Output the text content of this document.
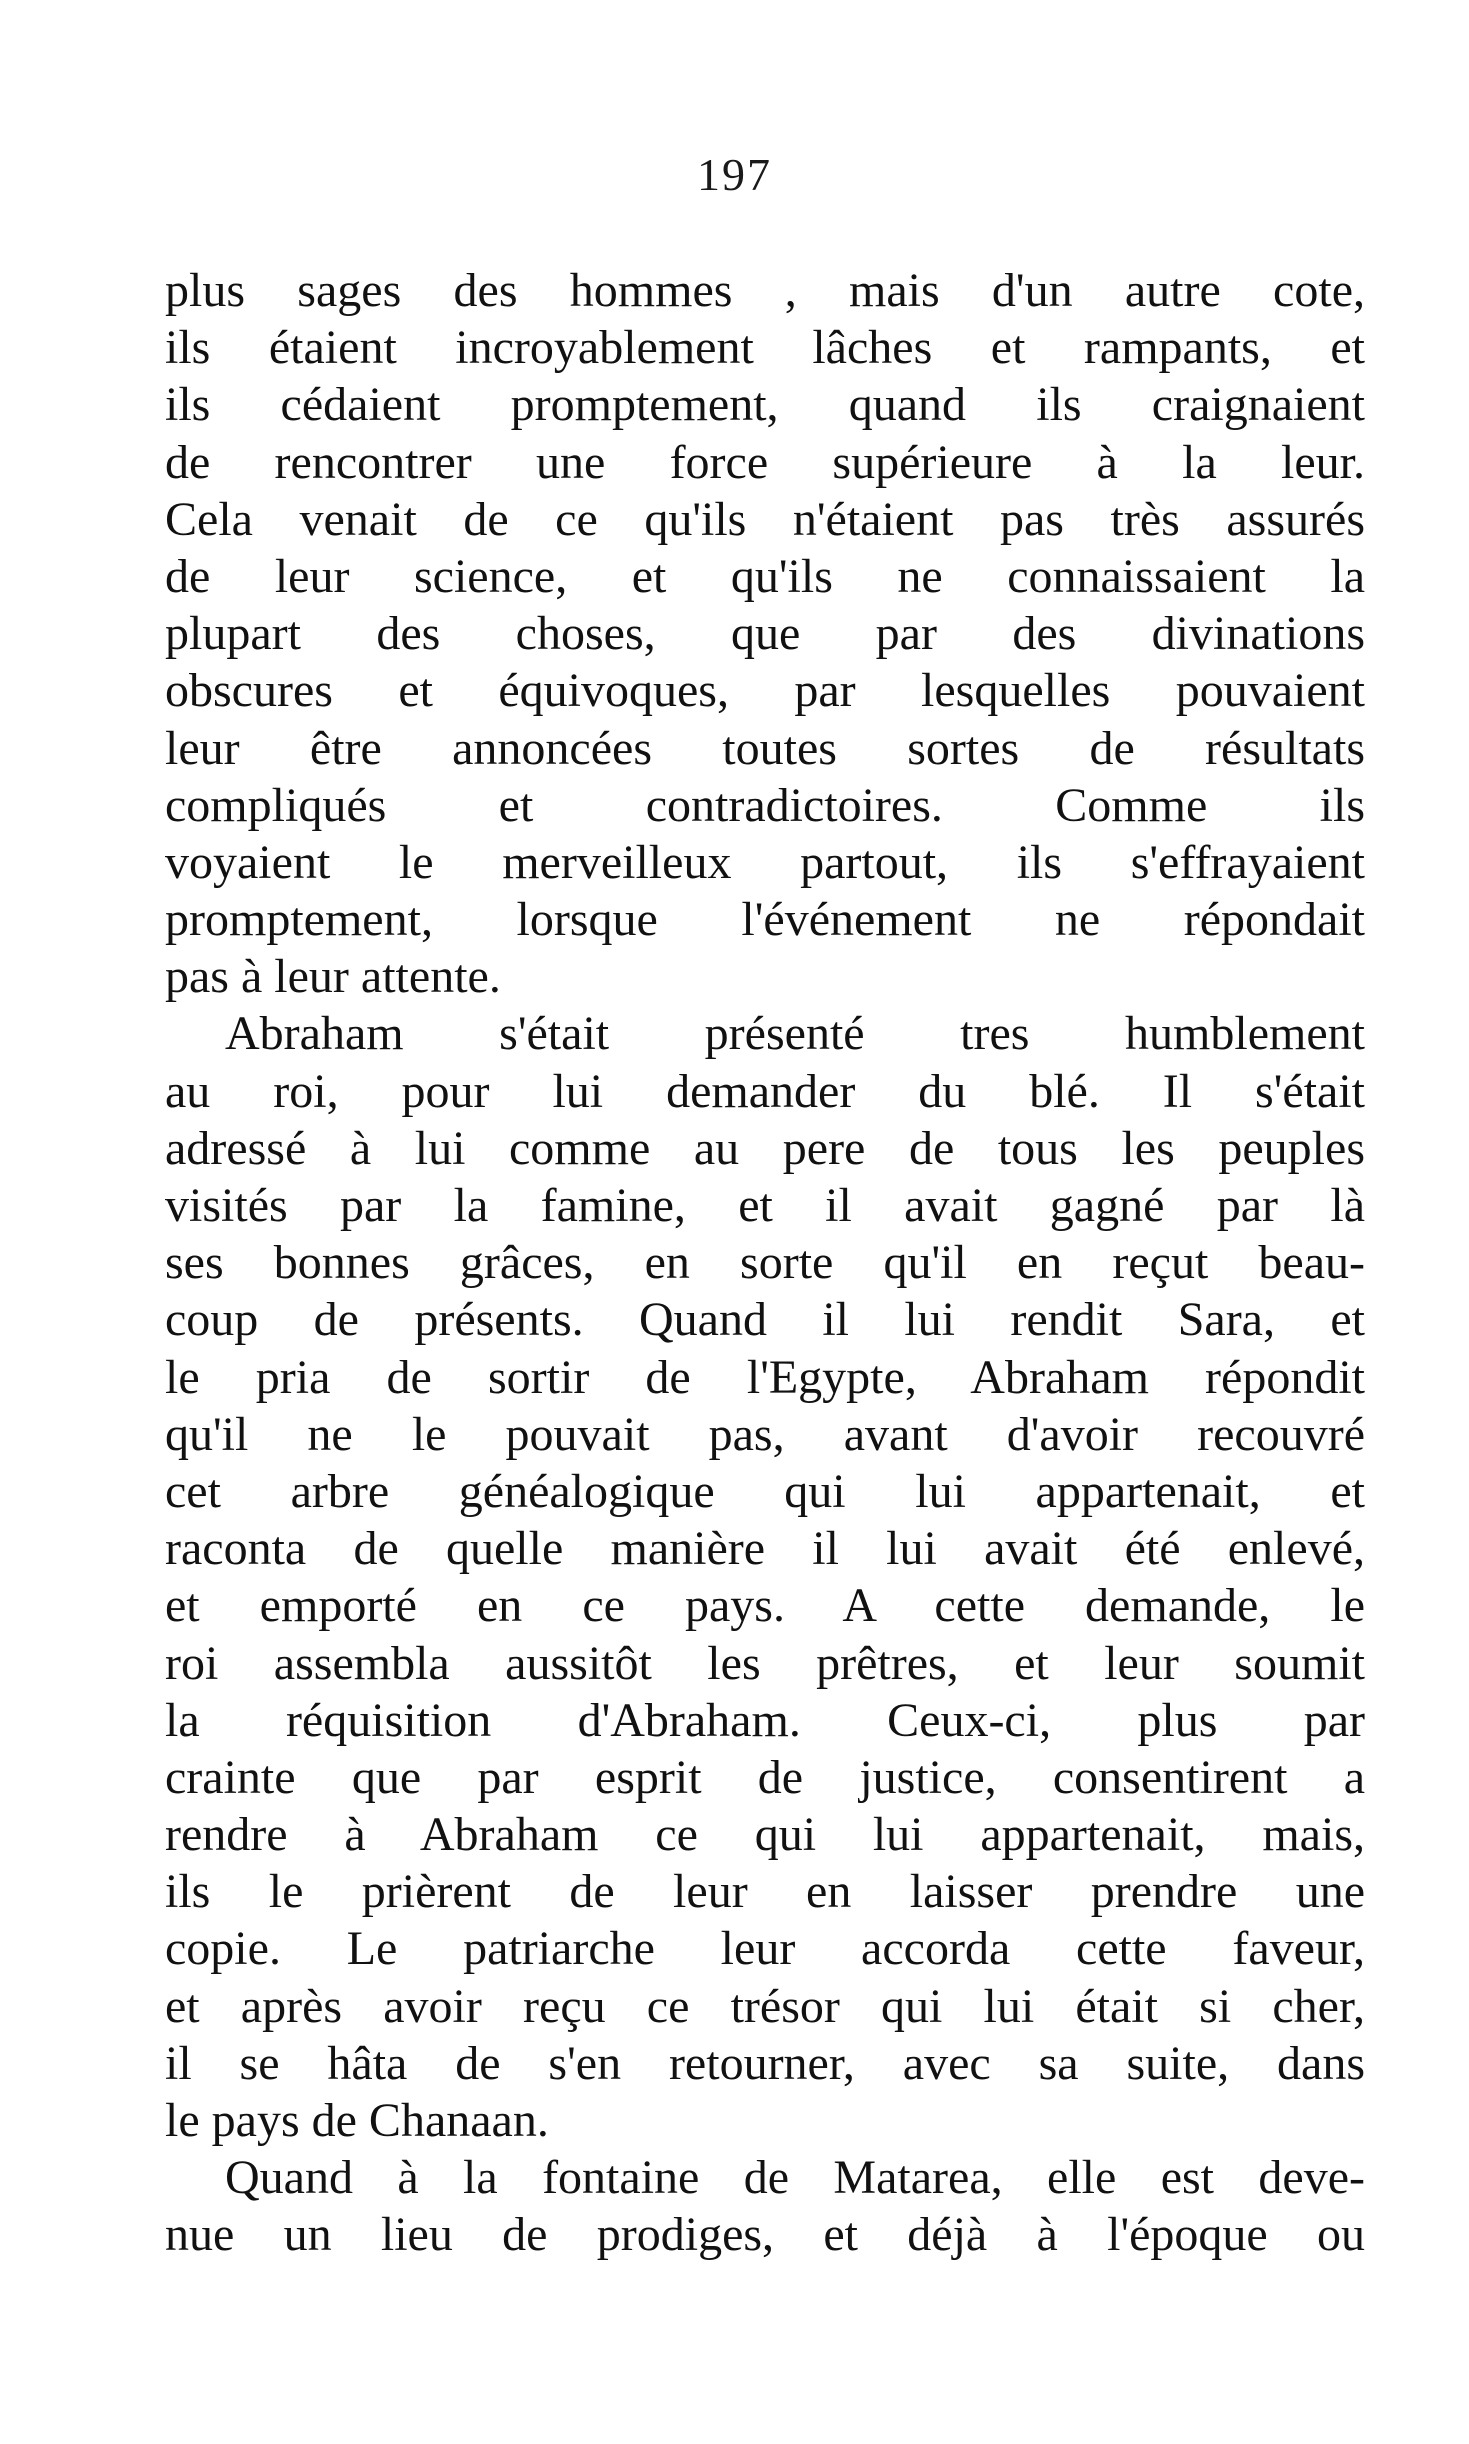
197
plus sages des hommes , mais d'un autre cote,
ils étaient incroyablement lâches et rampants, et
ils cédaient promptement, quand ils craignaient
de rencontrer une force supérieure à la leur.
Cela venait de ce qu'ils n'étaient pas très assurés
de leur science, et qu'ils ne connaissaient la
plupart des choses, que par des divinations
obscures et équivoques, par lesquelles pouvaient
leur être annoncées toutes sortes de résultats
compliqués et contradictoires. Comme ils
voyaient le merveilleux partout, ils s'effrayaient
promptement, lorsque l'événement ne répondait
pas à leur attente.
Abraham s'était présenté tres humblement
au roi, pour lui demander du blé. Il s'était
adressé à lui comme au pere de tous les peuples
visités par la famine, et il avait gagné par là
ses bonnes grâces, en sorte qu'il en reçut beau-
coup de présents. Quand il lui rendit Sara, et
le pria de sortir de l'Egypte, Abraham répondit
qu'il ne le pouvait pas, avant d'avoir recouvré
cet arbre généalogique qui lui appartenait, et
raconta de quelle manière il lui avait été enlevé,
et emporté en ce pays. A cette demande, le
roi assembla aussitôt les prêtres, et leur soumit
la réquisition d'Abraham. Ceux-ci, plus par
crainte que par esprit de justice, consentirent a
rendre à Abraham ce qui lui appartenait, mais,
ils le prièrent de leur en laisser prendre une
copie. Le patriarche leur accorda cette faveur,
et après avoir reçu ce trésor qui lui était si cher,
il se hâta de s'en retourner, avec sa suite, dans
le pays de Chanaan.
Quand à la fontaine de Matarea, elle est deve-
nue un lieu de prodiges, et déjà à l'époque ou
